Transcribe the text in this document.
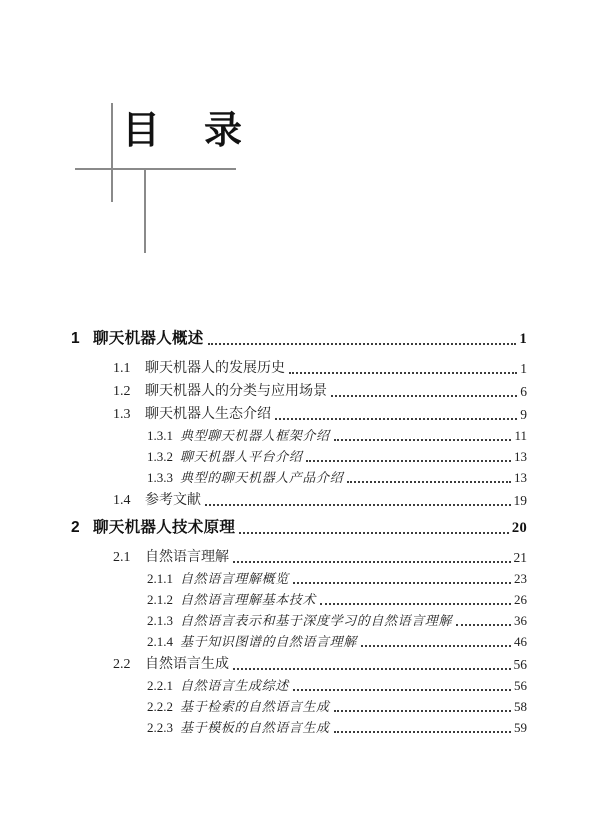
目 录
1 聊天机器人概述	1
1.1	聊天机器人的发展历史	1
1.2	聊天机器人的分类与应用场景	6
1.3	聊天机器人生态介绍	9
1.3.1 典型聊天机器人框架介绍	11
1.3.2 聊天机器人平台介绍	13
1.3.3 典型的聊天机器人产品介绍	13
1.4	参考文献	19
2 聊天机器人技术原理	20
2.1	自然语言理解	21
2.1.1 自然语言理解概览	23
2.1.2 自然语言理解基本技术	26
2.1.3 自然语言表示和基于深度学习的自然语言理解	36
2.1.4 基于知识图谱的自然语言理解	46
2.2	自然语言生成	56
2.2.1 自然语言生成综述	56
2.2.2 基于检索的自然语言生成	58
2.2.3 基于模板的自然语言生成	59
